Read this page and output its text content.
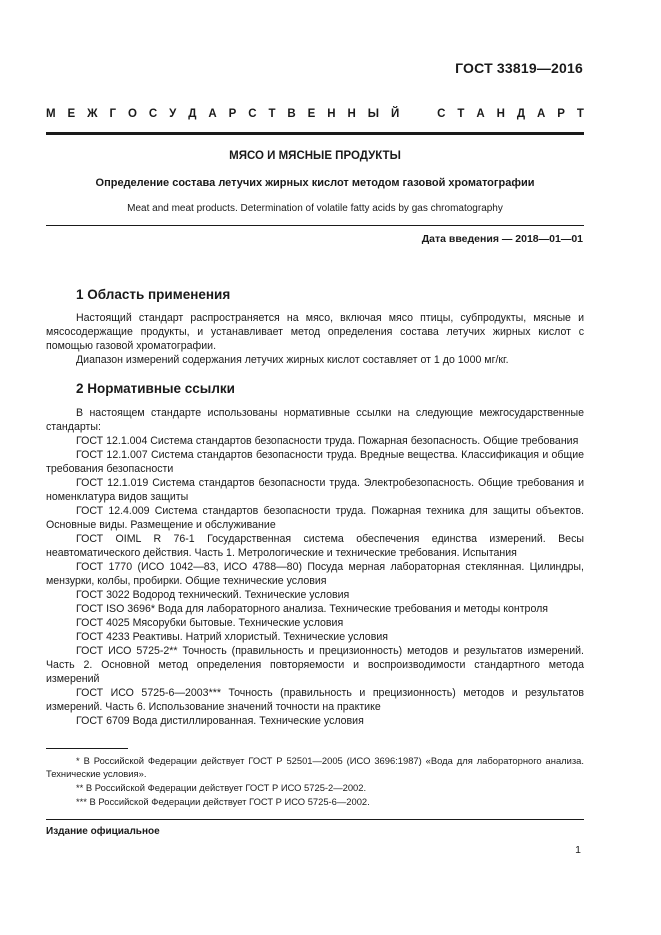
ГОСТ 33819—2016
М Е Ж Г О С У Д А Р С Т В Е Н Н Ы Й	С Т А Н Д А Р Т
МЯСО И МЯСНЫЕ ПРОДУКТЫ
Определение состава летучих жирных кислот методом газовой хроматографии
Meat and meat products. Determination of volatile fatty acids by gas chromatography
Дата введения — 2018—01—01
1 Область применения

Настоящий стандарт распространяется на мясо, включая мясо птицы, субпродукты, мясные и мясосодержащие продукты, и устанавливает метод определения состава летучих жирных кислот с помощью газовой хроматографии.

Диапазон измерений содержания летучих жирных кислот составляет от 1 до 1000 мг/кг.

2 Нормативные ссылки

В настоящем стандарте использованы нормативные ссылки на следующие межгосударственные стандарты:

ГОСТ 12.1.004 Система стандартов безопасности труда. Пожарная безопасность. Общие требования

ГОСТ 12.1.007 Система стандартов безопасности труда. Вредные вещества. Классификация и общие требования безопасности

ГОСТ 12.1.019 Система стандартов безопасности труда. Электробезопасность. Общие требования и номенклатура видов защиты

ГОСТ 12.4.009 Система стандартов безопасности труда. Пожарная техника для защиты объектов. Основные виды. Размещение и обслуживание

ГОСТ OIML R 76-1 Государственная система обеспечения единства измерений. Весы неавтоматического действия. Часть 1. Метрологические и технические требования. Испытания

ГОСТ 1770 (ИСО 1042—83, ИСО 4788—80) Посуда мерная лабораторная стеклянная. Цилиндры, мензурки, колбы, пробирки. Общие технические условия

ГОСТ 3022 Водород технический. Технические условия

ГОСТ ISO 3696* Вода для лабораторного анализа. Технические требования и методы контроля

ГОСТ 4025 Мясорубки бытовые. Технические условия

ГОСТ 4233 Реактивы. Натрий хлористый. Технические условия

ГОСТ ИСО 5725-2** Точность (правильность и прецизионность) методов и результатов измерений. Часть 2. Основной метод определения повторяемости и воспроизводимости стандартного метода измерений

ГОСТ ИСО 5725-6—2003*** Точность (правильность и прецизионность) методов и результатов измерений. Часть 6. Использование значений точности на практике

ГОСТ 6709 Вода дистиллированная. Технические условия

* В Российской Федерации действует ГОСТ Р 52501—2005 (ИСО 3696:1987) «Вода для лабораторного анализа. Технические условия».

** В Российской Федерации действует ГОСТ Р ИСО 5725-2—2002.

*** В Российской Федерации действует ГОСТ Р ИСО 5725-6—2002.

Издание официальное
1
